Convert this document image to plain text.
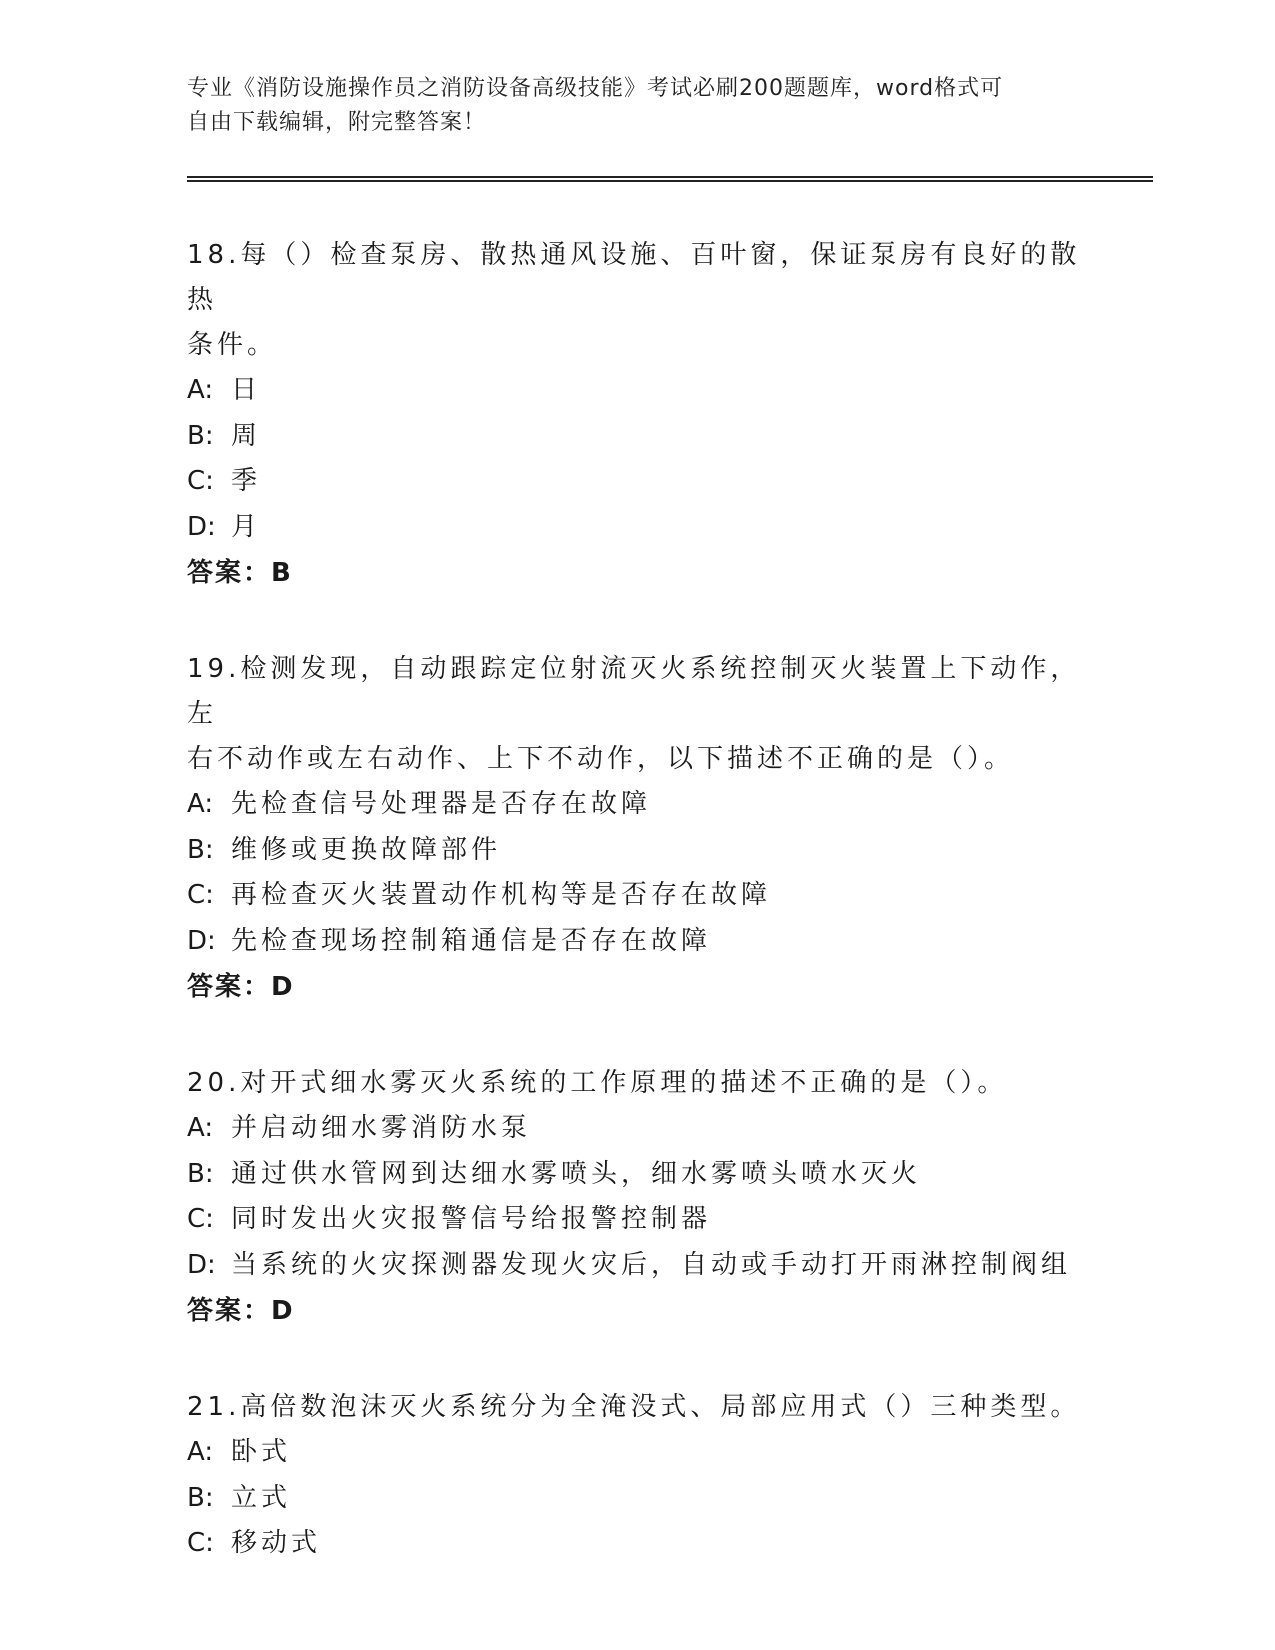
专业《消防设施操作员之消防设备高级技能》考试必刷200题题库，word格式可
自由下载编辑，附完整答案！

18.每（）检查泵房、散热通风设施、百叶窗，保证泵房有良好的散热

条件。

A: 日

B: 周

C: 季

D: 月

答案：B

19.检测发现，自动跟踪定位射流灭火系统控制灭火装置上下动作，左

右不动作或左右动作、上下不动作，以下描述不正确的是（）。

A: 先检查信号处理器是否存在故障

B: 维修或更换故障部件

C: 再检查灭火装置动作机构等是否存在故障

D: 先检查现场控制箱通信是否存在故障

答案：D

20.对开式细水雾灭火系统的工作原理的描述不正确的是（）。

A: 并启动细水雾消防水泵

B: 通过供水管网到达细水雾喷头，细水雾喷头喷水灭火

C: 同时发出火灾报警信号给报警控制器

D: 当系统的火灾探测器发现火灾后，自动或手动打开雨淋控制阀组

答案：D

21.高倍数泡沫灭火系统分为全淹没式、局部应用式（）三种类型。

A: 卧式

B: 立式

C: 移动式
